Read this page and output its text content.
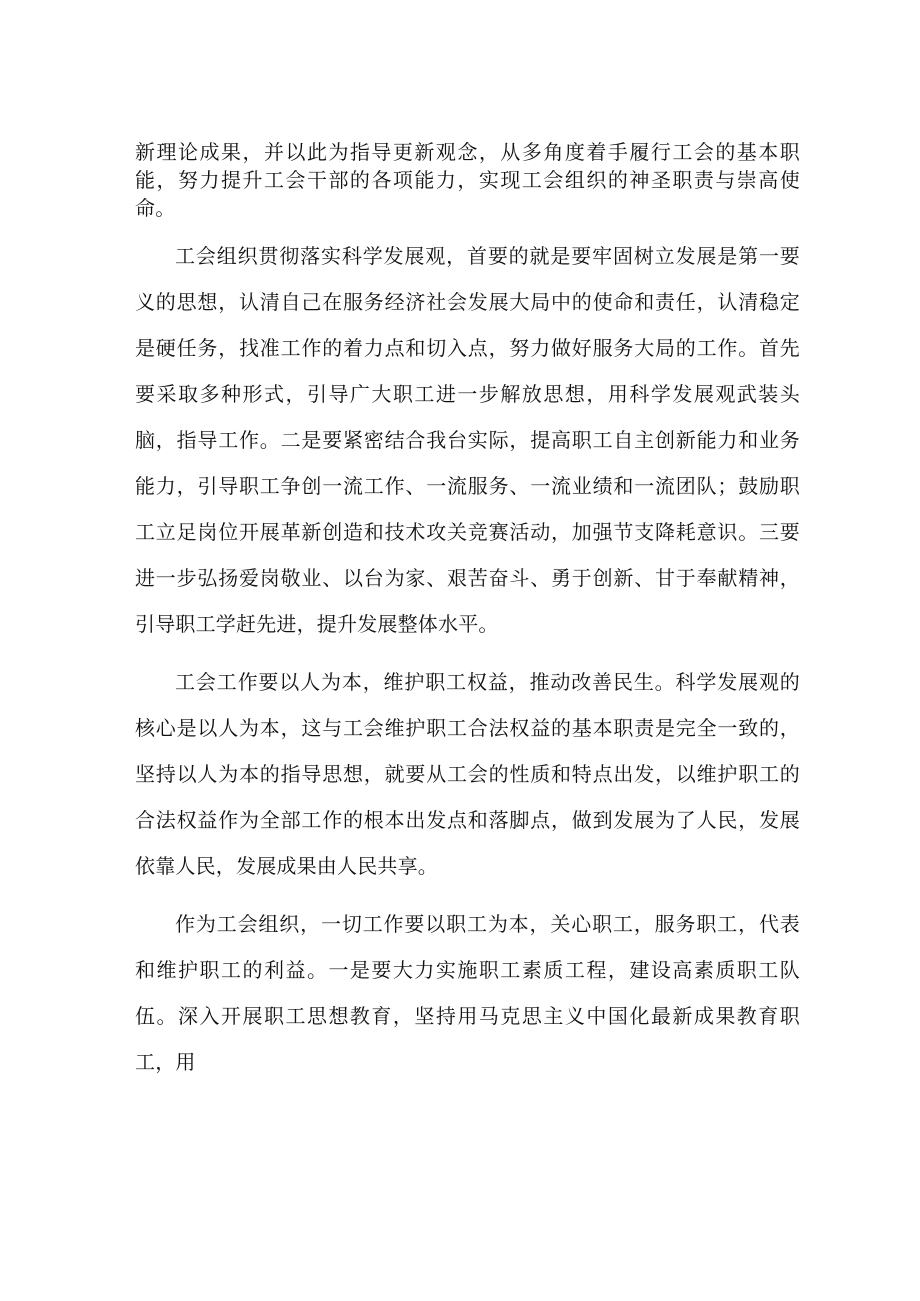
新理论成果，并以此为指导更新观念，从多角度着手履行工会的基本职能，努力提升工会干部的各项能力，实现工会组织的神圣职责与崇高使命。

工会组织贯彻落实科学发展观，首要的就是要牢固树立发展是第一要义的思想，认清自己在服务经济社会发展大局中的使命和责任，认清稳定是硬任务，找准工作的着力点和切入点，努力做好服务大局的工作。首先要采取多种形式，引导广大职工进一步解放思想，用科学发展观武装头脑，指导工作。二是要紧密结合我台实际，提高职工自主创新能力和业务能力，引导职工争创一流工作、一流服务、一流业绩和一流团队；鼓励职工立足岗位开展革新创造和技术攻关竞赛活动，加强节支降耗意识。三要进一步弘扬爱岗敬业、以台为家、艰苦奋斗、勇于创新、甘于奉献精神，引导职工学赶先进，提升发展整体水平。

工会工作要以人为本，维护职工权益，推动改善民生。科学发展观的核心是以人为本，这与工会维护职工合法权益的基本职责是完全一致的，坚持以人为本的指导思想，就要从工会的性质和特点出发，以维护职工的合法权益作为全部工作的根本出发点和落脚点，做到发展为了人民，发展依靠人民，发展成果由人民共享。

作为工会组织，一切工作要以职工为本，关心职工，服务职工，代表和维护职工的利益。一是要大力实施职工素质工程，建设高素质职工队伍。深入开展职工思想教育，坚持用马克思主义中国化最新成果教育职工，用
